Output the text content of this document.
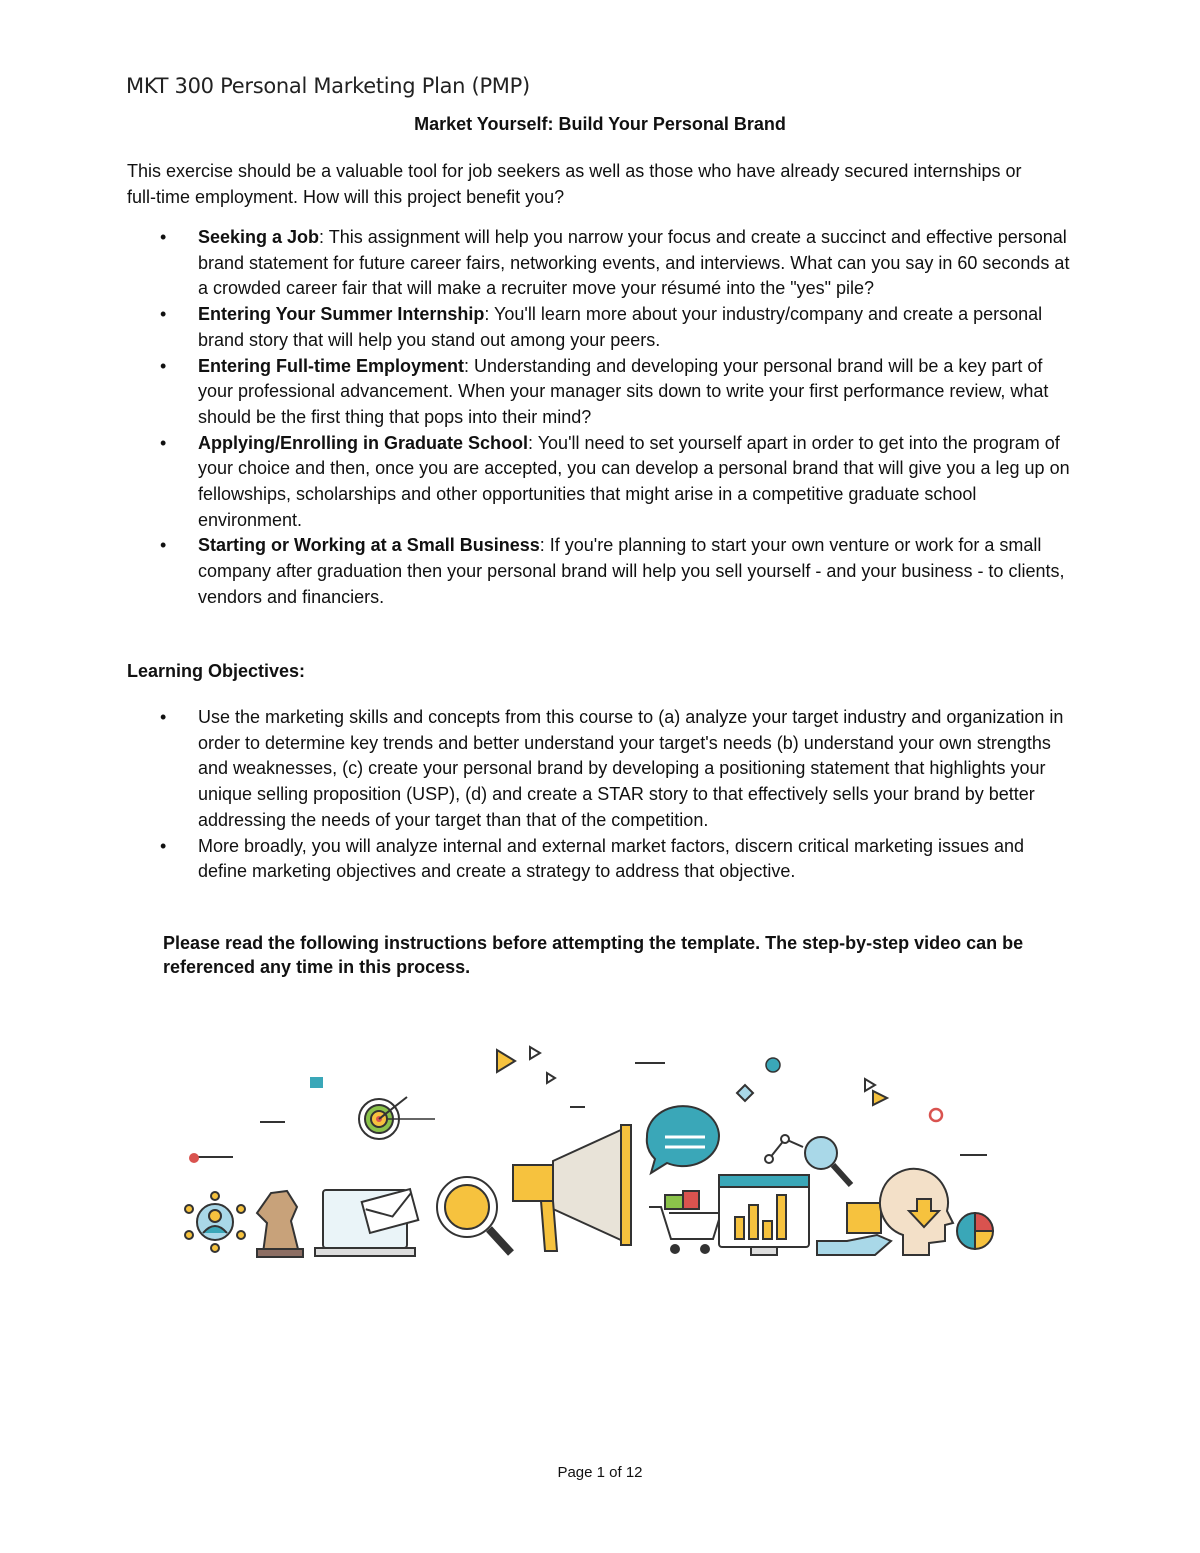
MKT 300 Personal Marketing Plan (PMP)
Market Yourself: Build Your Personal Brand
This exercise should be a valuable tool for job seekers as well as those who have already secured internships or full-time employment. How will this project benefit you?
• Seeking a Job: This assignment will help you narrow your focus and create a succinct and effective personal brand statement for future career fairs, networking events, and interviews. What can you say in 60 seconds at a crowded career fair that will make a recruiter move your résumé into the "yes" pile?
• Entering Your Summer Internship: You'll learn more about your industry/company and create a personal brand story that will help you stand out among your peers.
• Entering Full-time Employment: Understanding and developing your personal brand will be a key part of your professional advancement. When your manager sits down to write your first performance review, what should be the first thing that pops into their mind?
• Applying/Enrolling in Graduate School: You'll need to set yourself apart in order to get into the program of your choice and then, once you are accepted, you can develop a personal brand that will give you a leg up on fellowships, scholarships and other opportunities that might arise in a competitive graduate school environment.
• Starting or Working at a Small Business: If you're planning to start your own venture or work for a small company after graduation then your personal brand will help you sell yourself - and your business - to clients, vendors and financiers.
Learning Objectives:
• Use the marketing skills and concepts from this course to (a) analyze your target industry and organization in order to determine key trends and better understand your target's needs (b) understand your own strengths and weaknesses, (c) create your personal brand by developing a positioning statement that highlights your unique selling proposition (USP), (d) and create a STAR story to that effectively sells your brand by better addressing the needs of your target than that of the competition.
• More broadly, you will analyze internal and external market factors, discern critical marketing issues and define marketing objectives and create a strategy to address that objective.
Please read the following instructions before attempting the template. The step-by-step video can be referenced any time in this process.
Page 1 of 12
